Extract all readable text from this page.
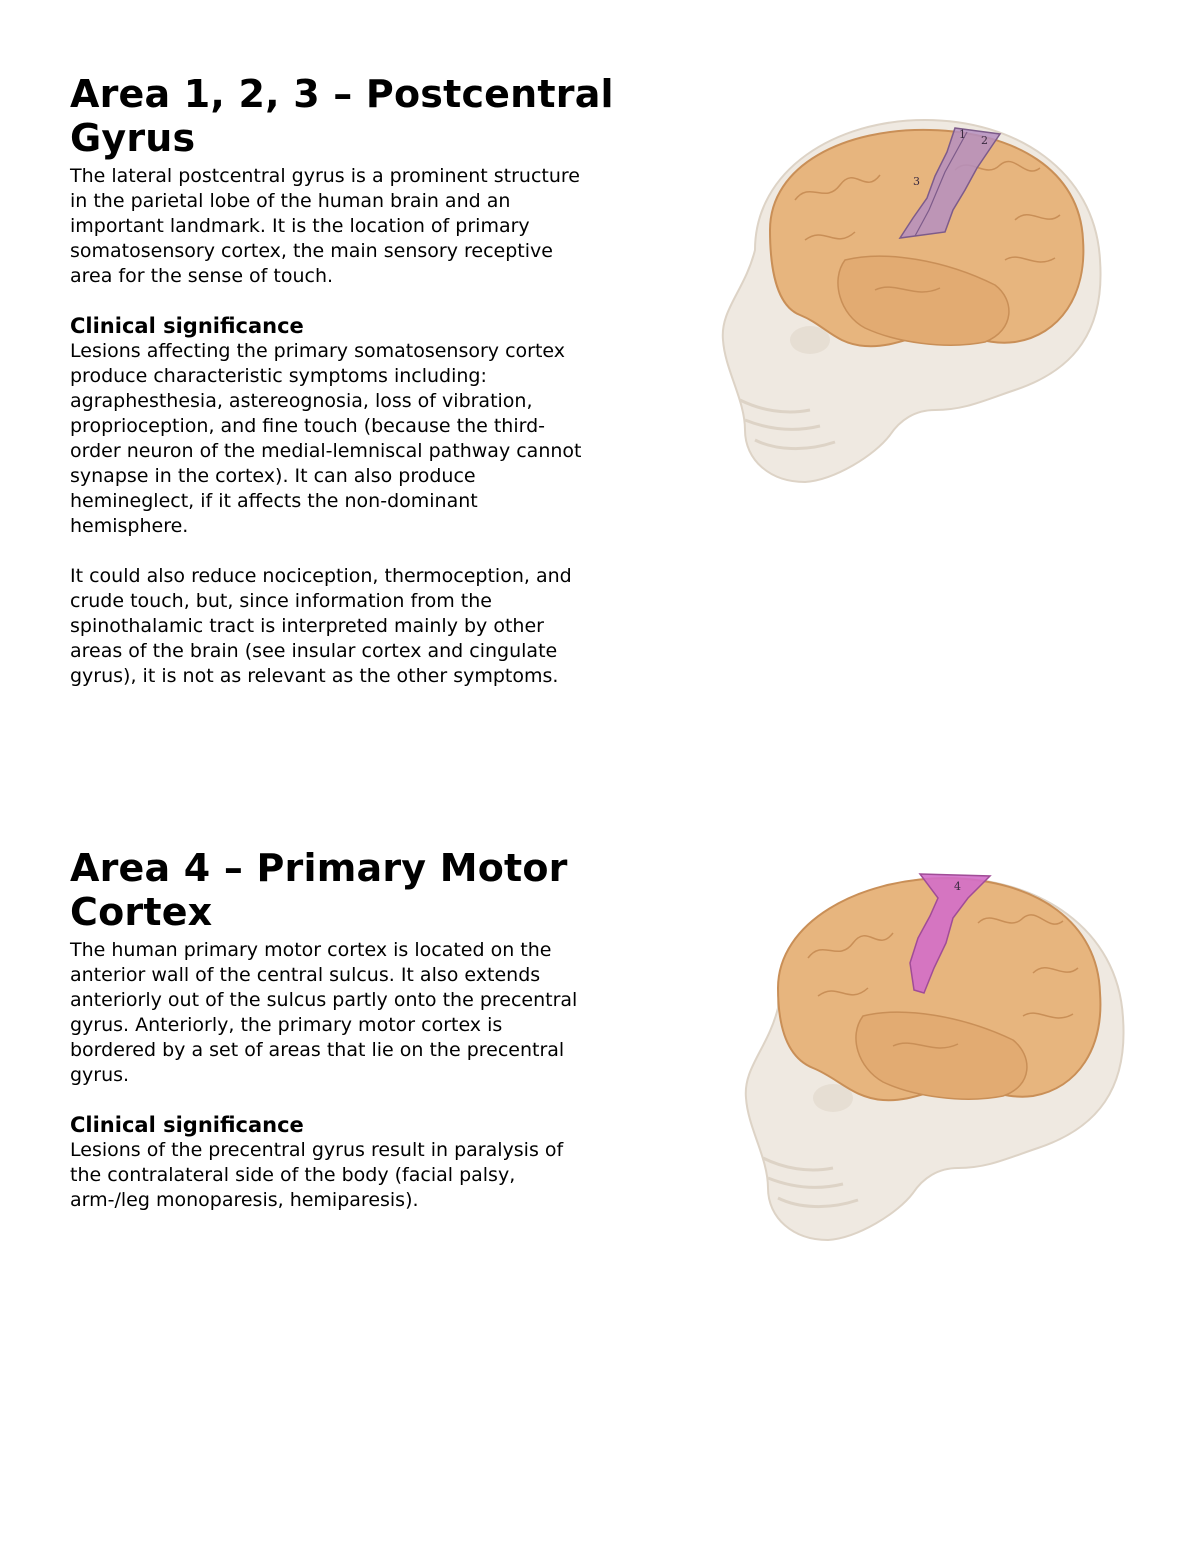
Area 1, 2, 3 – Postcentral
Gyrus

The lateral postcentral gyrus is a prominent structure
in the parietal lobe of the human brain and an
important landmark. It is the location of primary
somatosensory cortex, the main sensory receptive
area for the sense of touch.

Clinical significance

Lesions affecting the primary somatosensory cortex
produce characteristic symptoms including:
agraphesthesia, astereognosia, loss of vibration,
proprioception, and fine touch (because the third-
order neuron of the medial-lemniscal pathway cannot
synapse in the cortex). It can also produce
hemineglect, if it affects the non-dominant
hemisphere.

It could also reduce nociception, thermoception, and
crude touch, but, since information from the
spinothalamic tract is interpreted mainly by other
areas of the brain (see insular cortex and cingulate
gyrus), it is not as relevant as the other symptoms.

1 2
3
Area 4 – Primary Motor
Cortex

The human primary motor cortex is located on the
anterior wall of the central sulcus. It also extends
anteriorly out of the sulcus partly onto the precentral
gyrus. Anteriorly, the primary motor cortex is
bordered by a set of areas that lie on the precentral
gyrus.

Clinical significance

Lesions of the precentral gyrus result in paralysis of
the contralateral side of the body (facial palsy,
arm-/leg monoparesis, hemiparesis).

4
